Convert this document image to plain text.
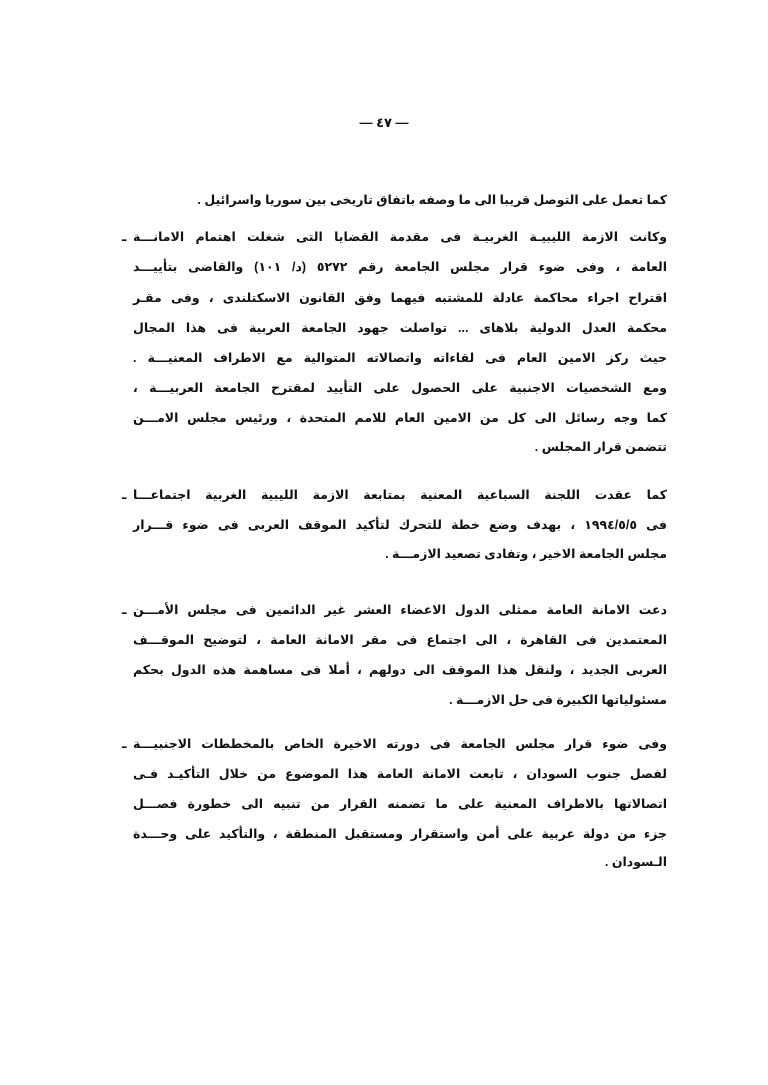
— ٤٧ —
كما تعمل على التوصل قريبا الى ما وصفه باتفاق تاريخى بين سوريا واسرائيل .
ـ وكانت الازمة الليبيـة الغربيـة فى مقدمة القضايا التى شغلت اهتمام الامانـــة
العامة ، وفى ضوء قرار مجلس الجامعة رقم ٥٢٧٢ (د/ ١٠١) والقاضى بتأييـــد
اقتراح اجراء محاكمة عادلة للمشتبه فيهما وفق القانون الاسكتلندى ، وفى مقـر
محكمة العدل الدولية بلاهاى ... تواصلت جهود الجامعة العربية فى هذا المجال
حيث ركز الامين العام فى لقاءاته واتصالاته المتوالية مع الاطراف المعنيـــة .
ومع الشخصيات الاجنبية على الحصول على التأييد لمقترح الجامعة العربيـــة ،
كما وجه رسائل الى كل من الامين العام للامم المتحدة ، ورئيس مجلس الامـــن
تتضمن قرار المجلس .
ـ كما عقدت اللجنة السباعية المعنية بمتابعة الازمة الليبية الغربية اجتماعـــا
فى ١٩٩٤/٥/٥ ، بهدف وضع خطة للتحرك لتأكيد الموقف العربى فى ضوء قـــرار
مجلس الجامعة الاخير ، وتفادى تصعيد الازمـــة .
ـ دعت الامانة العامة ممثلى الدول الاعضاء العشر غير الدائمين فى مجلس الأمـــن
المعتمدين فى القاهرة ، الى اجتماع فى مقر الامانة العامة ، لتوضيح الموقـــف
العربى الجديد ، ولنقل هذا الموقف الى دولهم ، أملا فى مساهمة هذه الدول بحكم
مسئولياتها الكبيرة فى حل الازمـــة .
ـ وفى ضوء قرار مجلس الجامعة فى دورته الاخيرة الخاص بالمخططات الاجنبيـــة
لفصل جنوب السودان ، تابعت الامانة العامة هذا الموضوع من خلال التأكيـد فـى
اتصالاتها بالاطراف المعنية على ما تضمنه القرار من تنبيه الى خطورة فصـــل
جزء من دولة عربية على أمن واستقرار ومستقبل المنطقة ، والتأكيد على وحـــدة
الـسودان .
